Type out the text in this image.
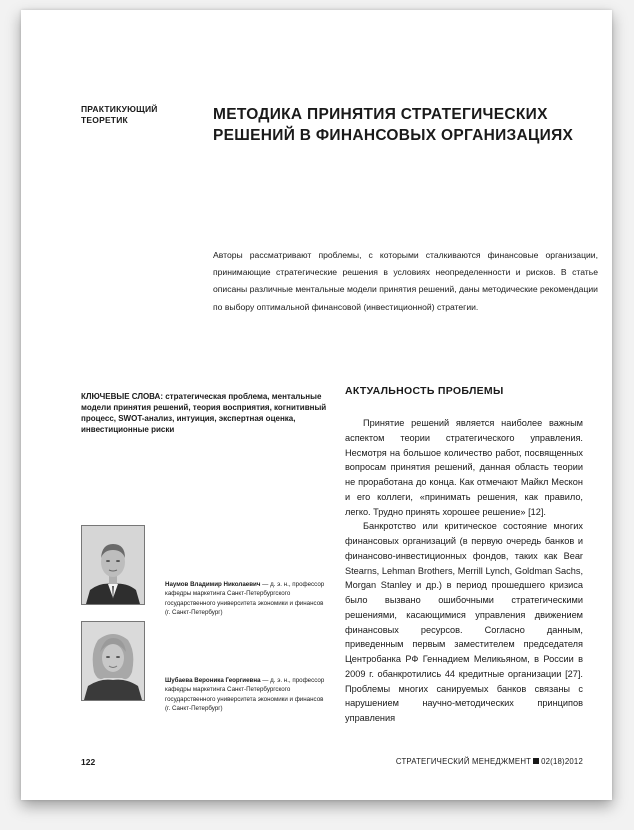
ПРАКТИКУЮЩИЙ
ТЕОРЕТИК	МЕТОДИКА ПРИНЯТИЯ СТРАТЕГИЧЕСКИХ
РЕШЕНИЙ В ФИНАНСОВЫХ ОРГАНИЗАЦИЯХ
Авторы рассматривают проблемы, с которыми сталкиваются финансовые организации, принимающие стратегические решения в условиях неопределенности и рисков. В статье описаны различные ментальные модели принятия решений, даны методические рекомендации по выбору оптимальной финансовой (инвестиционной) стратегии.
КЛЮЧЕВЫЕ СЛОВА: стратегическая проблема, ментальные модели принятия решений, теория восприятия, когнитивный процесс, SWOT-анализ, интуиция, экспертная оценка, инвестиционные риски
Наумов Владимир Николаевич — д. э. н., профессор кафедры маркетинга Санкт-Петербургского государственного университета экономики и финансов (г. Санкт-Петербург)
Шубаева Вероника Георгиевна — д. э. н., профессор кафедры маркетинга Санкт-Петербургского государственного университета экономики и финансов (г. Санкт-Петербург)
АКТУАЛЬНОСТЬ ПРОБЛЕМЫ

Принятие решений является наиболее важным аспектом теории стратегического управления. Несмотря на большое количество работ, посвященных вопросам принятия решений, данная область теории не проработана до конца. Как отмечают Майкл Мескон и его коллеги, «принимать решения, как правило, легко. Трудно принять хорошее решение» [12].

Банкротство или критическое состояние многих финансовых организаций (в первую очередь банков и финансово-инвестиционных фондов, таких как Bear Stearns, Lehman Brothers, Merrill Lynch, Goldman Sachs, Morgan Stanley и др.) в период прошедшего кризиса было вызвано ошибочными стратегическими решениями, касающимися управления движением финансовых ресурсов. Согласно данным, приведенным первым заместителем председателя Центробанка РФ Геннадием Меликьяном, в России в 2009 г. обанкротились 44 кредитные организации [27]. Проблемы многих санируемых банков связаны с нарушением научно-методических принципов управления

122	СТРАТЕГИЧЕСКИЙ МЕНЕДЖМЕНТ 02(18)2012
